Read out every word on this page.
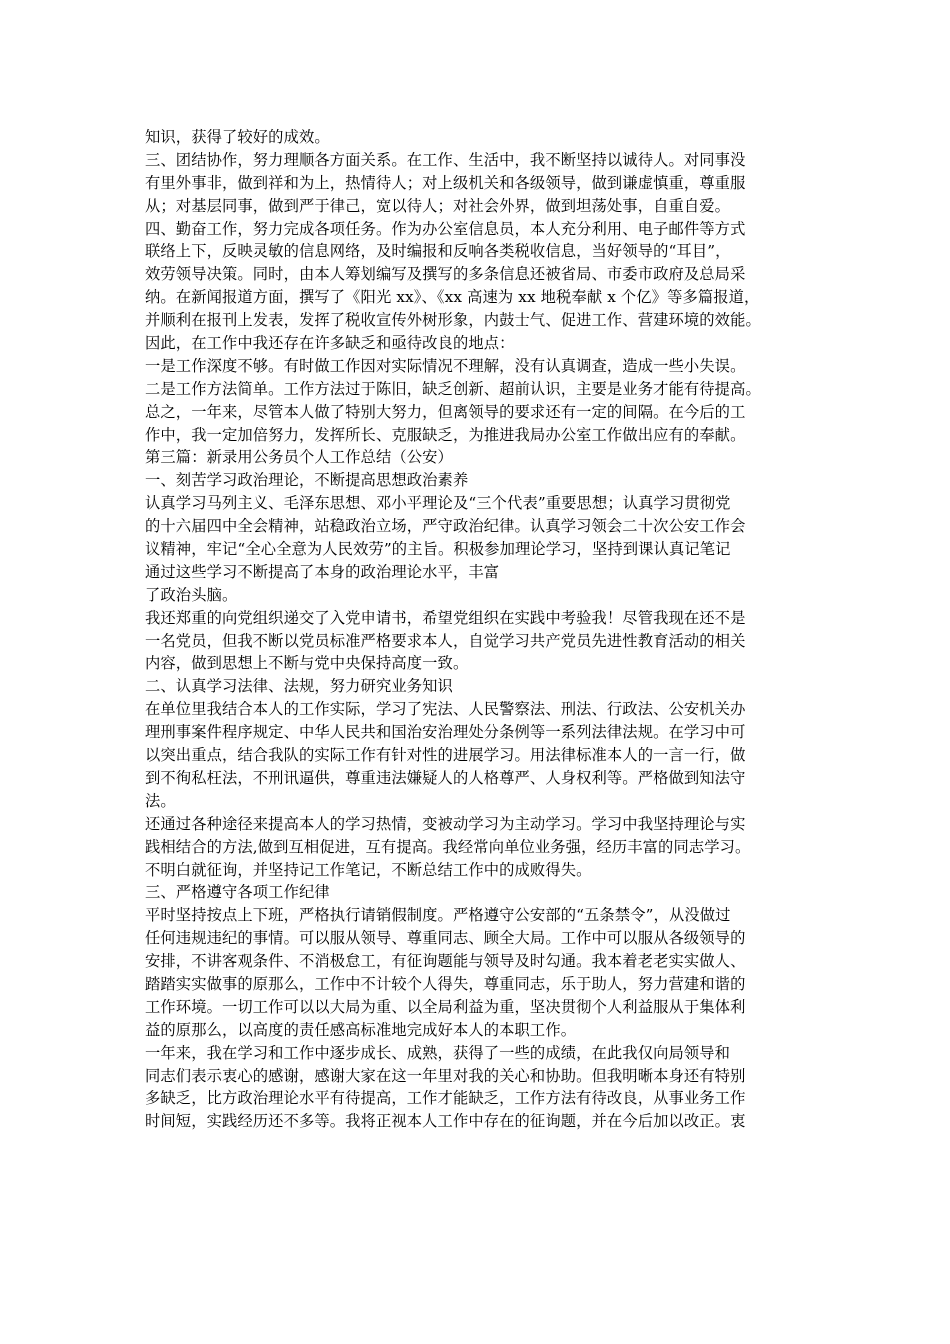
知识，获得了较好的成效。
三、团结协作，努力理顺各方面关系。在工作、生活中，我不断坚持以诚待人。对同事没
有里外事非，做到祥和为上，热情待人；对上级机关和各级领导，做到谦虚慎重，尊重服
从；对基层同事，做到严于律己，宽以待人；对社会外界，做到坦荡处事，自重自爱。
四、勤奋工作，努力完成各项任务。作为办公室信息员，本人充分利用、电子邮件等方式
联络上下，反映灵敏的信息网络，及时编报和反响各类税收信息，当好领导的“耳目”，
效劳领导决策。同时，由本人筹划编写及撰写的多条信息还被省局、市委市政府及总局采
纳。在新闻报道方面，撰写了《阳光 xx》、《xx 高速为 xx 地税奉献 x 个亿》等多篇报道，
并顺利在报刊上发表，发挥了税收宣传外树形象，内鼓士气、促进工作、营建环境的效能。
因此，在工作中我还存在许多缺乏和亟待改良的地点：
一是工作深度不够。有时做工作因对实际情况不理解，没有认真调查，造成一些小失误。
二是工作方法简单。工作方法过于陈旧，缺乏创新、超前认识，主要是业务才能有待提高。
总之，一年来，尽管本人做了特别大努力，但离领导的要求还有一定的间隔。在今后的工
作中，我一定加倍努力，发挥所长、克服缺乏，为推进我局办公室工作做出应有的奉献。
第三篇：新录用公务员个人工作总结（公安）
一、刻苦学习政治理论，不断提高思想政治素养
认真学习马列主义、毛泽东思想、邓小平理论及“三个代表”重要思想；认真学习贯彻党
的十六届四中全会精神，站稳政治立场，严守政治纪律。认真学习领会二十次公安工作会
议精神，牢记“全心全意为人民效劳”的主旨。积极参加理论学习，坚持到课认真记笔记
通过这些学习不断提高了本身的政治理论水平，丰富
了政治头脑。
我还郑重的向党组织递交了入党申请书，希望党组织在实践中考验我！尽管我现在还不是
一名党员，但我不断以党员标准严格要求本人，自觉学习共产党员先进性教育活动的相关
内容，做到思想上不断与党中央保持高度一致。
二、认真学习法律、法规，努力研究业务知识
在单位里我结合本人的工作实际，学习了宪法、人民警察法、刑法、行政法、公安机关办
理刑事案件程序规定、中华人民共和国治安治理处分条例等一系列法律法规。在学习中可
以突出重点，结合我队的实际工作有针对性的进展学习。用法律标准本人的一言一行，做
到不徇私枉法，不刑讯逼供，尊重违法嫌疑人的人格尊严、人身权利等。严格做到知法守
法。
还通过各种途径来提高本人的学习热情，变被动学习为主动学习。学习中我坚持理论与实
践相结合的方法,做到互相促进，互有提高。我经常向单位业务强，经历丰富的同志学习。
不明白就征询，并坚持记工作笔记，不断总结工作中的成败得失。
三、严格遵守各项工作纪律
平时坚持按点上下班，严格执行请销假制度。严格遵守公安部的“五条禁令”，从没做过
任何违规违纪的事情。可以服从领导、尊重同志、顾全大局。工作中可以服从各级领导的
安排，不讲客观条件、不消极怠工，有征询题能与领导及时勾通。我本着老老实实做人、
踏踏实实做事的原那么，工作中不计较个人得失，尊重同志，乐于助人，努力营建和谐的
工作环境。一切工作可以以大局为重、以全局利益为重，坚决贯彻个人利益服从于集体利
益的原那么，以高度的责任感高标准地完成好本人的本职工作。
一年来，我在学习和工作中逐步成长、成熟，获得了一些的成绩，在此我仅向局领导和
同志们表示衷心的感谢，感谢大家在这一年里对我的关心和协助。但我明晰本身还有特别
多缺乏，比方政治理论水平有待提高，工作才能缺乏，工作方法有待改良，从事业务工作
时间短，实践经历还不多等。我将正视本人工作中存在的征询题，并在今后加以改正。衷
